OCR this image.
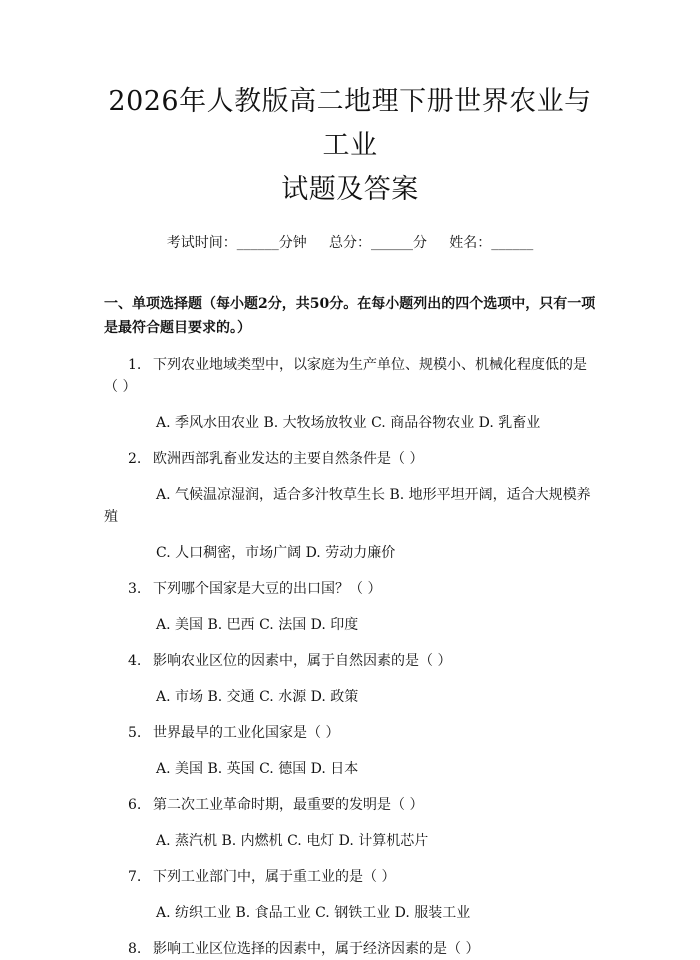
2026年人教版高二地理下册世界农业与工业
试题及答案
考试时间：______分钟     总分：______分     姓名：______
一、单项选择题（每小题2分，共50分。在每小题列出的四个选项中，只有一项是最符合题目要求的。）
1. 下列农业地域类型中，以家庭为生产单位、规模小、机械化程度低的是（ ）
A. 季风水田农业 B. 大牧场放牧业 C. 商品谷物农业 D. 乳畜业
2. 欧洲西部乳畜业发达的主要自然条件是（ ）
A. 气候温凉湿润，适合多汁牧草生长 B. 地形平坦开阔，适合大规模养殖
C. 人口稠密，市场广阔 D. 劳动力廉价
3. 下列哪个国家是大豆的出口国？（ ）
A. 美国 B. 巴西 C. 法国 D. 印度
4. 影响农业区位的因素中，属于自然因素的是（ ）
A. 市场 B. 交通 C. 水源 D. 政策
5. 世界最早的工业化国家是（ ）
A. 美国 B. 英国 C. 德国 D. 日本
6. 第二次工业革命时期，最重要的发明是（ ）
A. 蒸汽机 B. 内燃机 C. 电灯 D. 计算机芯片
7. 下列工业部门中，属于重工业的是（ ）
A. 纺织工业 B. 食品工业 C. 钢铁工业 D. 服装工业
8. 影响工业区位选择的因素中，属于经济因素的是（ ）
